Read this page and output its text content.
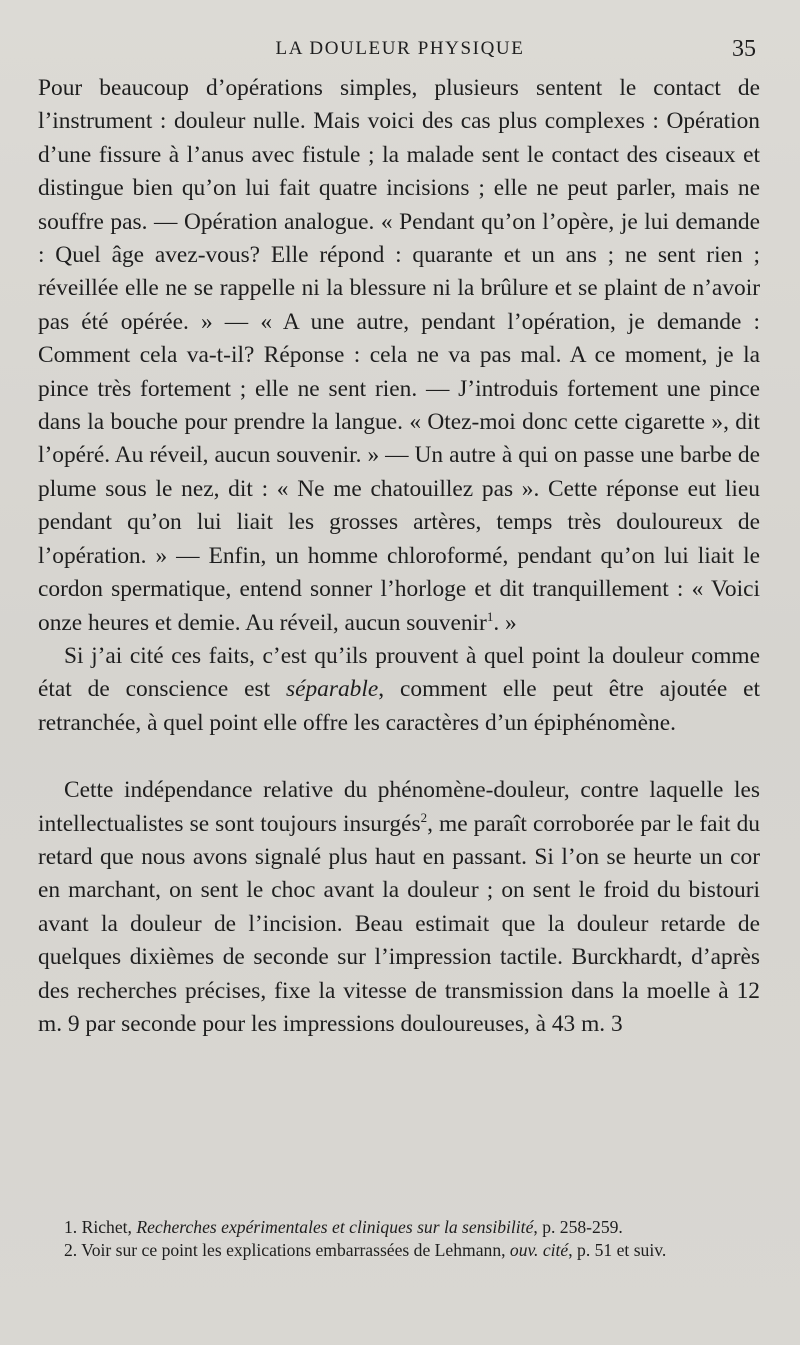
LA DOULEUR PHYSIQUE	35

Pour beaucoup d’opérations simples, plusieurs sentent le contact de l’instrument : douleur nulle. Mais voici des cas plus complexes : Opération d’une fissure à l’anus avec fistule ; la malade sent le contact des ciseaux et distingue bien qu’on lui fait quatre incisions ; elle ne peut parler, mais ne souffre pas. — Opération analogue. « Pendant qu’on l’opère, je lui demande : Quel âge avez-vous? Elle répond : quarante et un ans ; ne sent rien ; réveillée elle ne se rappelle ni la blessure ni la brûlure et se plaint de n’avoir pas été opérée. » — « A une autre, pendant l’opération, je demande : Comment cela va-t-il? Réponse : cela ne va pas mal. A ce moment, je la pince très fortement ; elle ne sent rien. — J’introduis fortement une pince dans la bouche pour prendre la langue. « Otez-moi donc cette cigarette », dit l’opéré. Au réveil, aucun souvenir. » — Un autre à qui on passe une barbe de plume sous le nez, dit : « Ne me chatouillez pas ». Cette réponse eut lieu pendant qu’on lui liait les grosses artères, temps très douloureux de l’opération. » — Enfin, un homme chloroformé, pendant qu’on lui liait le cordon spermatique, entend sonner l’horloge et dit tranquillement : « Voici onze heures et demie. Au réveil, aucun souvenir$^1$. »

Si j’ai cité ces faits, c’est qu’ils prouvent à quel point la douleur comme état de conscience est séparable, comment elle peut être ajoutée et retranchée, à quel point elle offre les caractères d’un épiphénomène.

Cette indépendance relative du phénomène-douleur, contre laquelle les intellectualistes se sont toujours insurgés$^2$, me paraît corroborée par le fait du retard que nous avons signalé plus haut en passant. Si l’on se heurte un cor en marchant, on sent le choc avant la douleur ; on sent le froid du bistouri avant la douleur de l’incision. Beau estimait que la douleur retarde de quelques dixièmes de seconde sur l’impression tactile. Burckhardt, d’après des recherches précises, fixe la vitesse de transmission dans la moelle à 12 m. 9 par seconde pour les impressions douloureuses, à 43 m. 3

1. Richet, Recherches expérimentales et cliniques sur la sensibilité, p. 258-259.

2. Voir sur ce point les explications embarrassées de Lehmann, ouv. cité, p. 51 et suiv.
